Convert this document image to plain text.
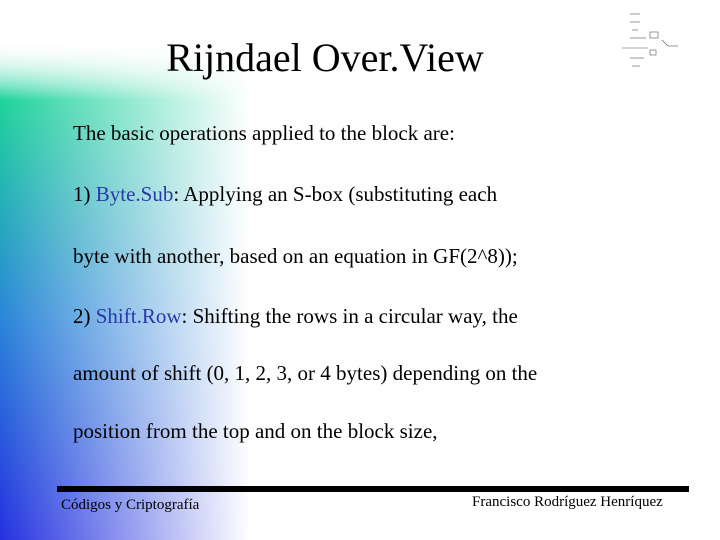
Rijndael Over.View
The basic operations applied to the block are:
1) Byte.Sub: Applying an S-box (substituting each
byte with another, based on an equation in GF(2^8));
2) Shift.Row: Shifting the rows in a circular way, the
amount of shift (0, 1, 2, 3, or 4 bytes) depending on the
position from the top and on the block size,
Códigos y Criptografía	Francisco Rodríguez Henríquez
